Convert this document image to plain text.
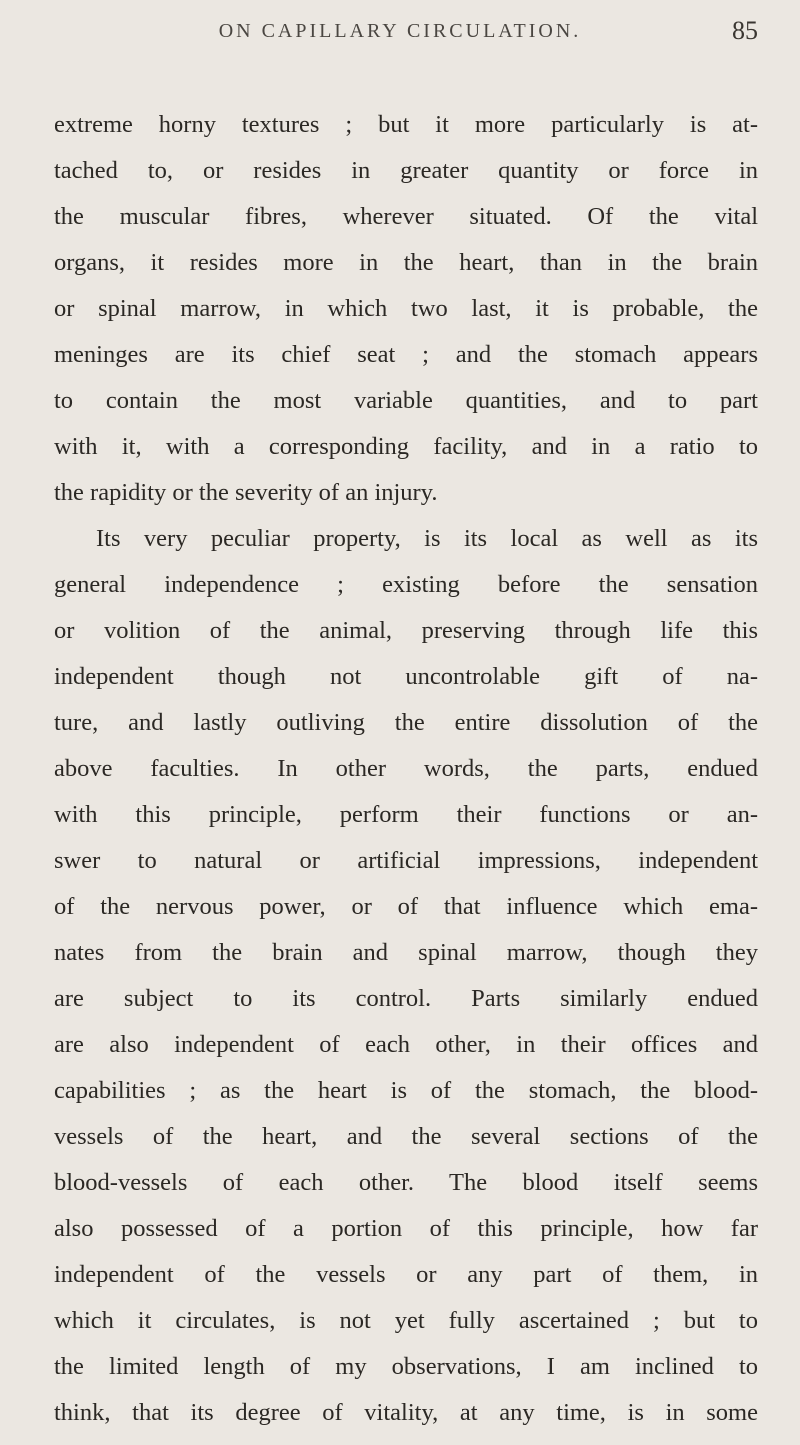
ON CAPILLARY CIRCULATION.	85
extreme horny textures ; but it more particularly is at-
tached to, or resides in greater quantity or force in
the muscular fibres, wherever situated. Of the vital
organs, it resides more in the heart, than in the brain
or spinal marrow, in which two last, it is probable, the
meninges are its chief seat ; and the stomach appears
to contain the most variable quantities, and to part
with it, with a corresponding facility, and in a ratio to
the rapidity or the severity of an injury.
Its very peculiar property, is its local as well as its
general independence ; existing before the sensation
or volition of the animal, preserving through life this
independent though not uncontrolable gift of na-
ture, and lastly outliving the entire dissolution of the
above faculties. In other words, the parts, endued
with this principle, perform their functions or an-
swer to natural or artificial impressions, independent
of the nervous power, or of that influence which ema-
nates from the brain and spinal marrow, though they
are subject to its control. Parts similarly endued
are also independent of each other, in their offices and
capabilities ; as the heart is of the stomach, the blood-
vessels of the heart, and the several sections of the
blood-vessels of each other. The blood itself seems
also possessed of a portion of this principle, how far
independent of the vessels or any part of them, in
which it circulates, is not yet fully ascertained ; but to
the limited length of my observations, I am inclined to
think, that its degree of vitality, at any time, is in some
